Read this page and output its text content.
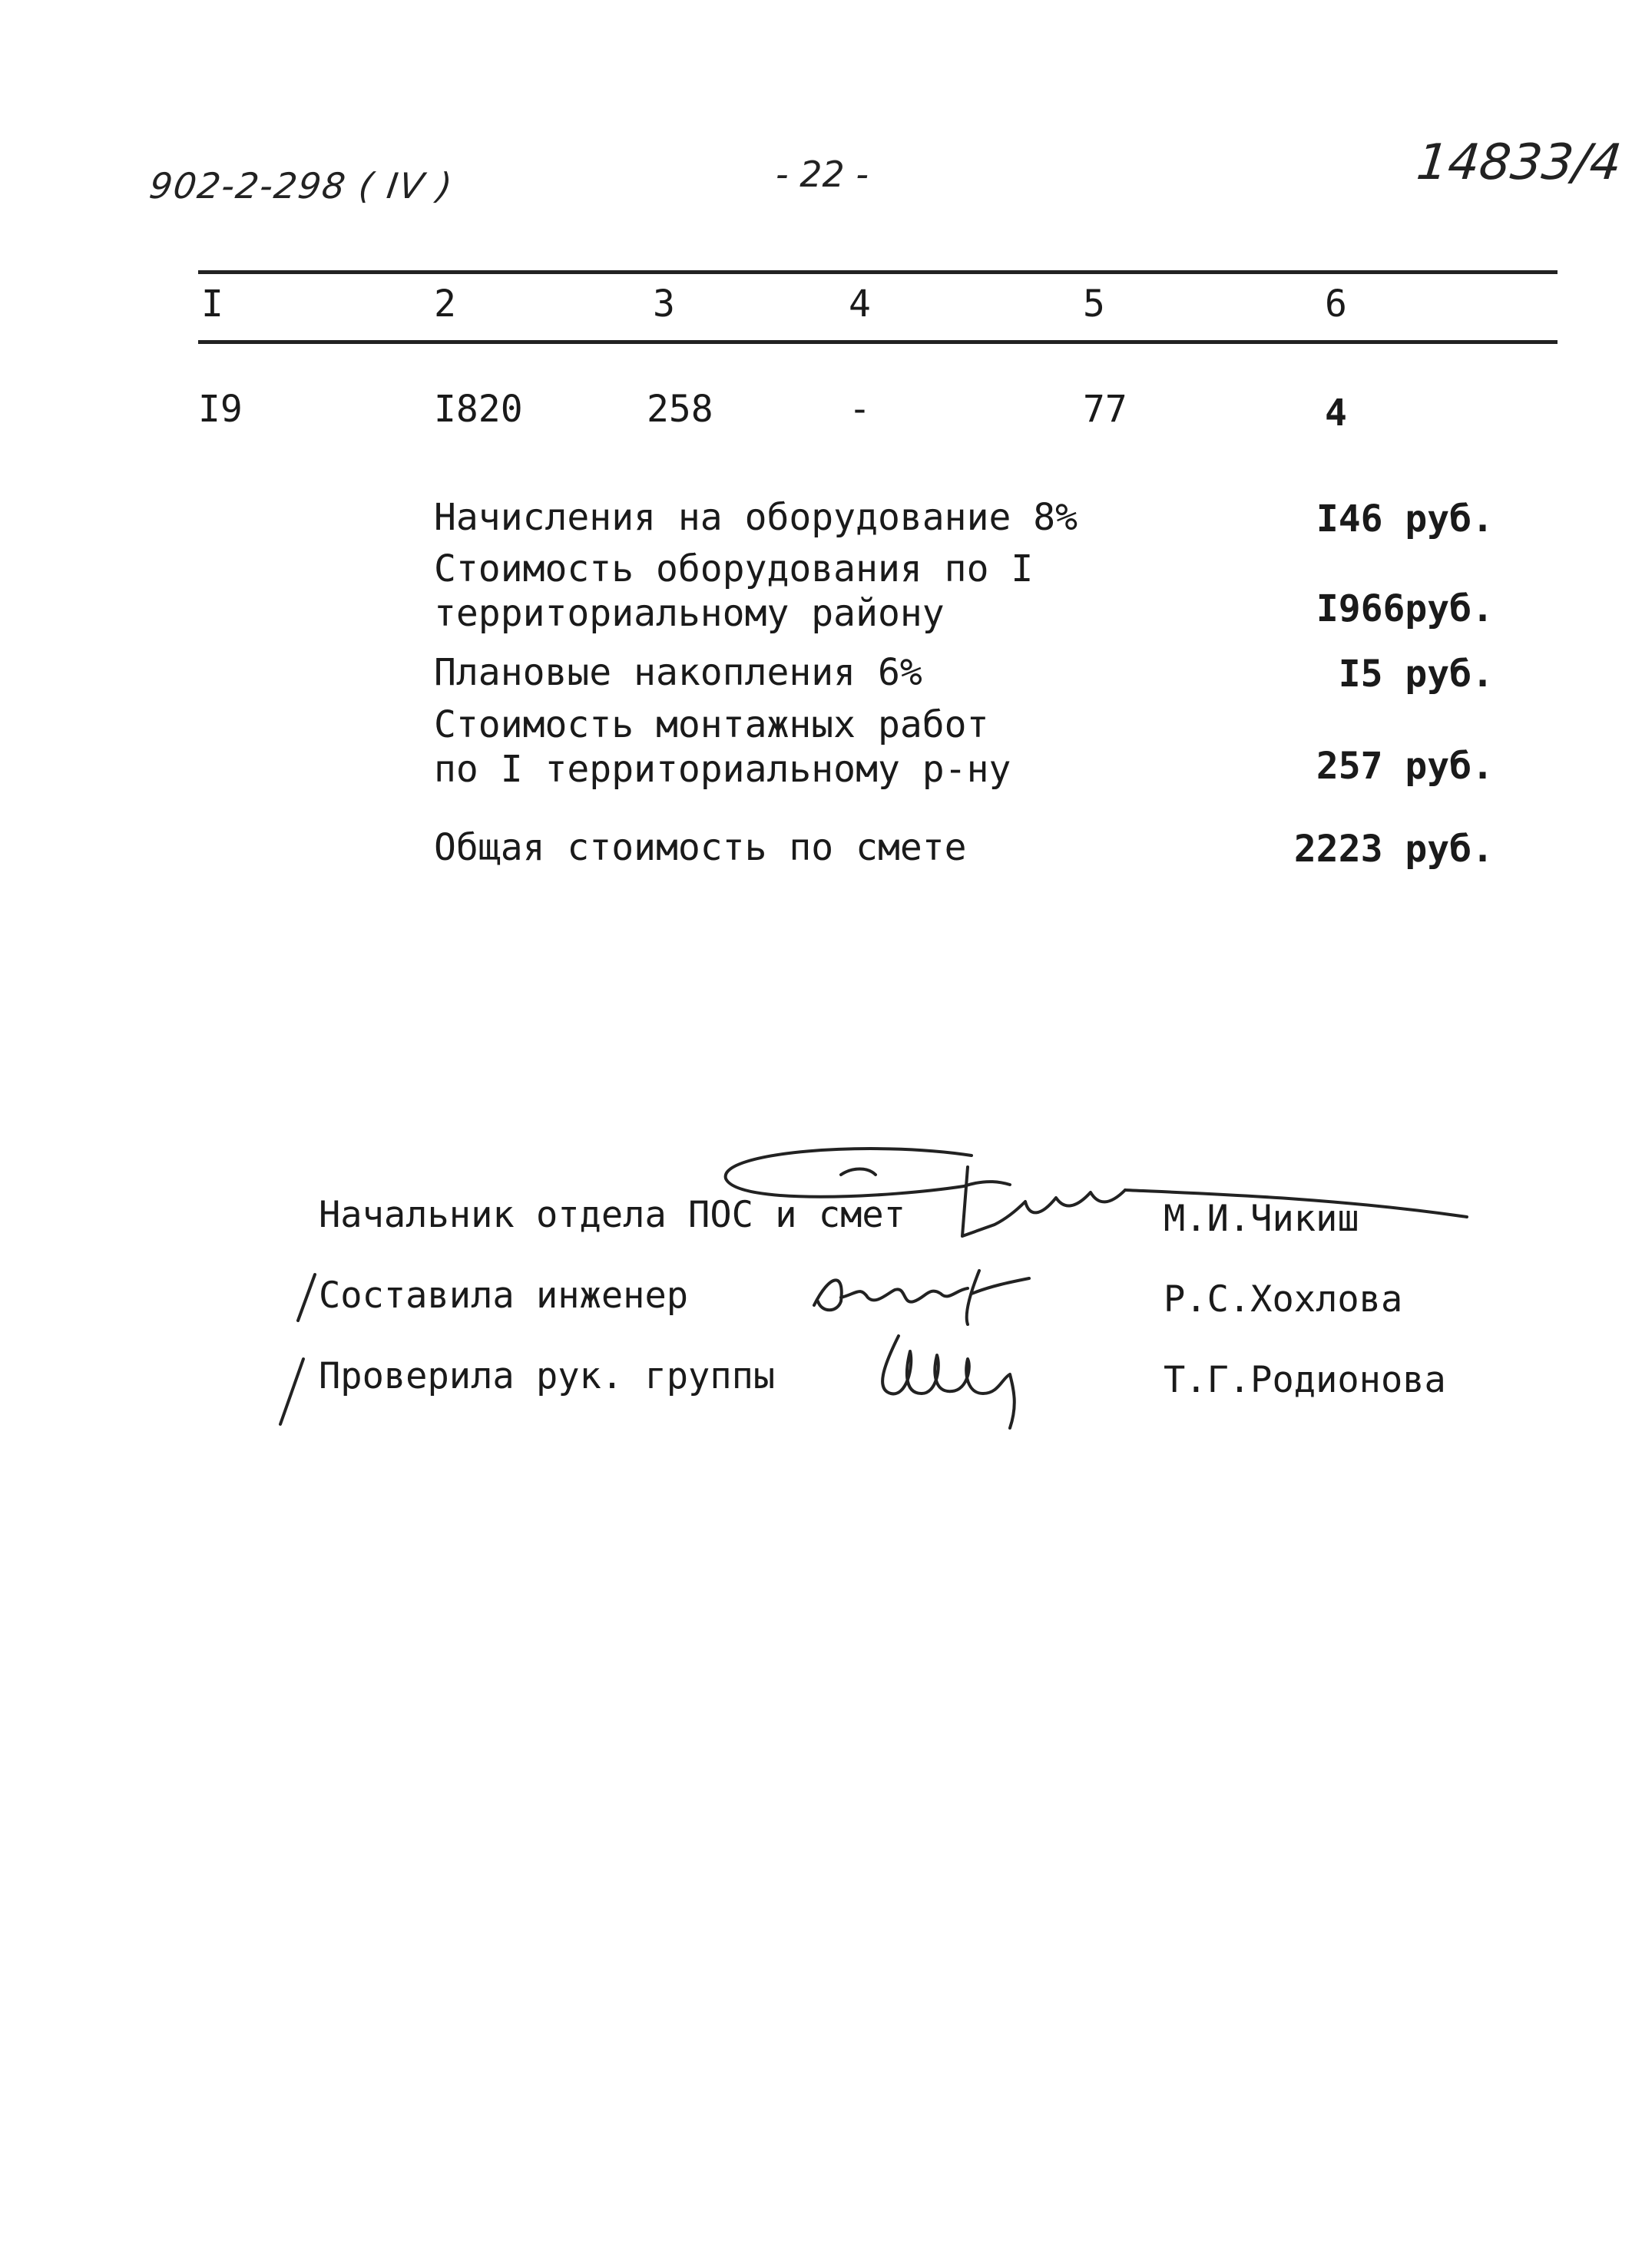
902-2-298 ( IV )	- 22 -	14833/4
I	2	3	4	5	6
I9	I820	258	-	77	4
Начисления на оборудование 8%	I46 руб.
Стоимость оборудования по I территориальному району	I966руб.
Плановые накопления 6%	I5 руб.
Стоимость монтажных работ по I территориальному р-ну	257 руб.
Общая стоимость по смете	2223 руб.
Начальник отдела ПОС и смет	М.И.Чикиш
Составила инженер	Р.С.Хохлова
Проверила рук. группы	Т.Г.Родионова
